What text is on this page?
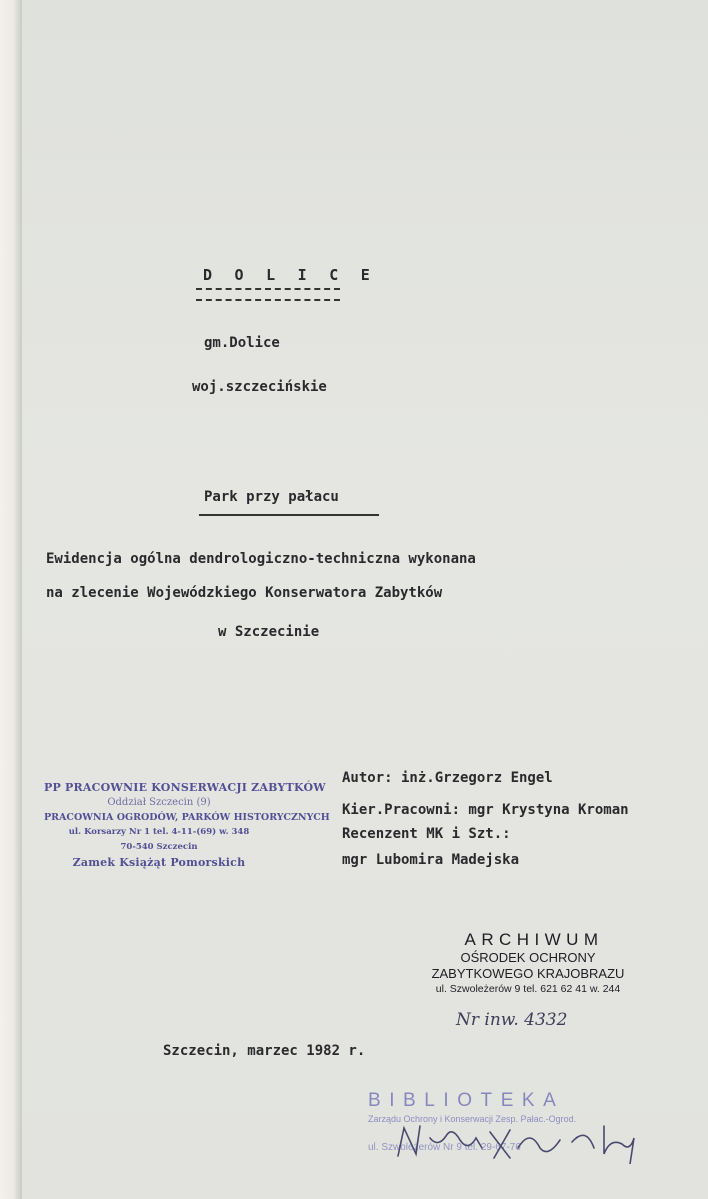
D O L I C E
gm.Dolice
woj.szczecińskie
Park przy pałacu
Ewidencja ogólna dendrologiczno-techniczna wykonana
na zlecenie Wojewódzkiego Konserwatora Zabytków
w Szczecinie
PP PRACOWNIE KONSERWACJI ZABYTKÓW
Oddział Szczecin (9)
PRACOWNIA OGRODÓW, PARKÓW HISTORYCZNYCH
ul. Korsarzy Nr 1 tel. 4-11-(69) w. 348
70-540 Szczecin
Zamek Książąt Pomorskich
Autor: inż.Grzegorz Engel
Kier.Pracowni: mgr Krystyna Kroman
Recenzent MK i Szt.:
mgr Lubomira Madejska
ARCHIWUM
OŚRODEK OCHRONY
ZABYTKOWEGO KRAJOBRAZU
ul. Szwoleżerów 9 tel. 621 62 41 w. 244
Nr inw. 4332
Szczecin, marzec 1982 r.
BIBLIOTEKA
Zarządu Ochrony i Konserwacji Zesp. Pałac.-Ogrod.
ul. Szwoleżerów Nr 9 tel. 29-67-76
